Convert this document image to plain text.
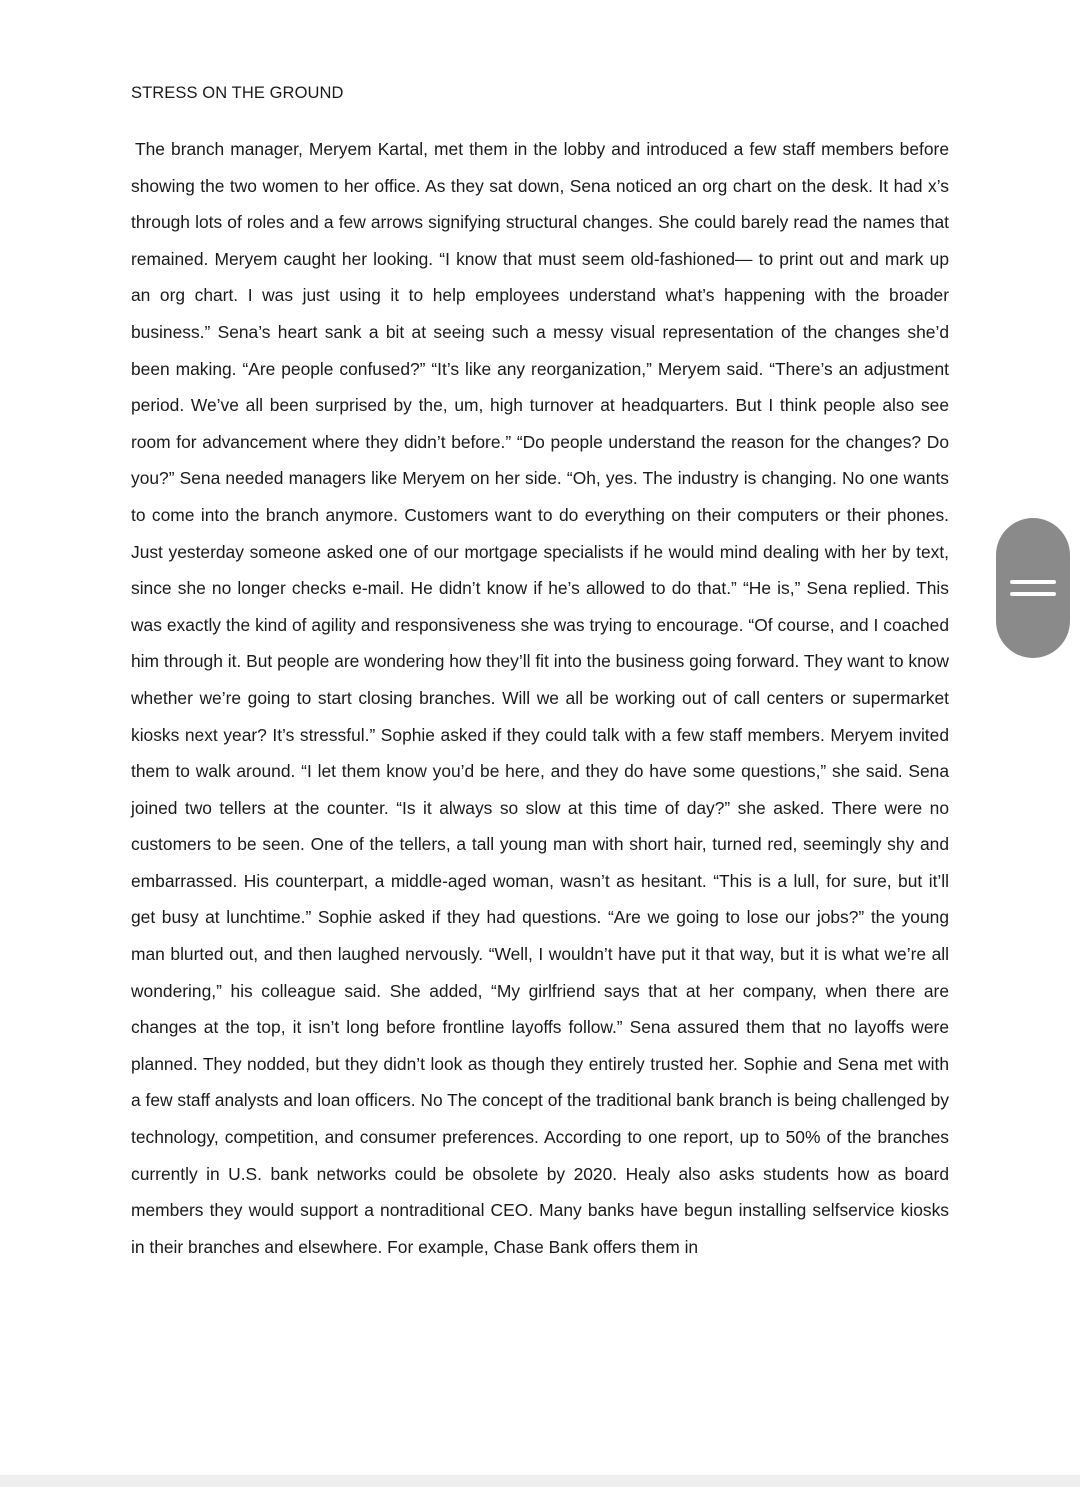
STRESS ON THE GROUND

The branch manager, Meryem Kartal, met them in the lobby and introduced a few staff members before showing the two women to her office. As they sat down, Sena noticed an org chart on the desk. It had x’s through lots of roles and a few arrows signifying structural changes. She could barely read the names that remained. Meryem caught her looking. “I know that must seem old-fashioned— to print out and mark up an org chart. I was just using it to help employees understand what’s happening with the broader business.” Sena’s heart sank a bit at seeing such a messy visual representation of the changes she’d been making. “Are people confused?” “It’s like any reorganization,” Meryem said. “There’s an adjustment period. We’ve all been surprised by the, um, high turnover at headquarters. But I think people also see room for advancement where they didn’t before.” “Do people understand the reason for the changes? Do you?” Sena needed managers like Meryem on her side. “Oh, yes. The industry is changing. No one wants to come into the branch anymore. Customers want to do everything on their computers or their phones. Just yesterday someone asked one of our mortgage specialists if he would mind dealing with her by text, since she no longer checks e-mail. He didn’t know if he’s allowed to do that.” “He is,” Sena replied. This was exactly the kind of agility and responsiveness she was trying to encourage. “Of course, and I coached him through it. But people are wondering how they’ll fit into the business going forward. They want to know whether we’re going to start closing branches. Will we all be working out of call centers or supermarket kiosks next year? It’s stressful.” Sophie asked if they could talk with a few staff members. Meryem invited them to walk around. “I let them know you’d be here, and they do have some questions,” she said. Sena joined two tellers at the counter. “Is it always so slow at this time of day?” she asked. There were no customers to be seen. One of the tellers, a tall young man with short hair, turned red, seemingly shy and embarrassed. His counterpart, a middle-aged woman, wasn’t as hesitant. “This is a lull, for sure, but it’ll get busy at lunchtime.” Sophie asked if they had questions. “Are we going to lose our jobs?” the young man blurted out, and then laughed nervously. “Well, I wouldn’t have put it that way, but it is what we’re all wondering,” his colleague said. She added, “My girlfriend says that at her company, when there are changes at the top, it isn’t long before frontline layoffs follow.” Sena assured them that no layoffs were planned. They nodded, but they didn’t look as though they entirely trusted her. Sophie and Sena met with a few staff analysts and loan officers. No The concept of the traditional bank branch is being challenged by technology, competition, and consumer preferences. According to one report, up to 50% of the branches currently in U.S. bank networks could be obsolete by 2020. Healy also asks students how as board members they would support a nontraditional CEO. Many banks have begun installing selfservice kiosks in their branches and elsewhere. For example, Chase Bank offers them in
